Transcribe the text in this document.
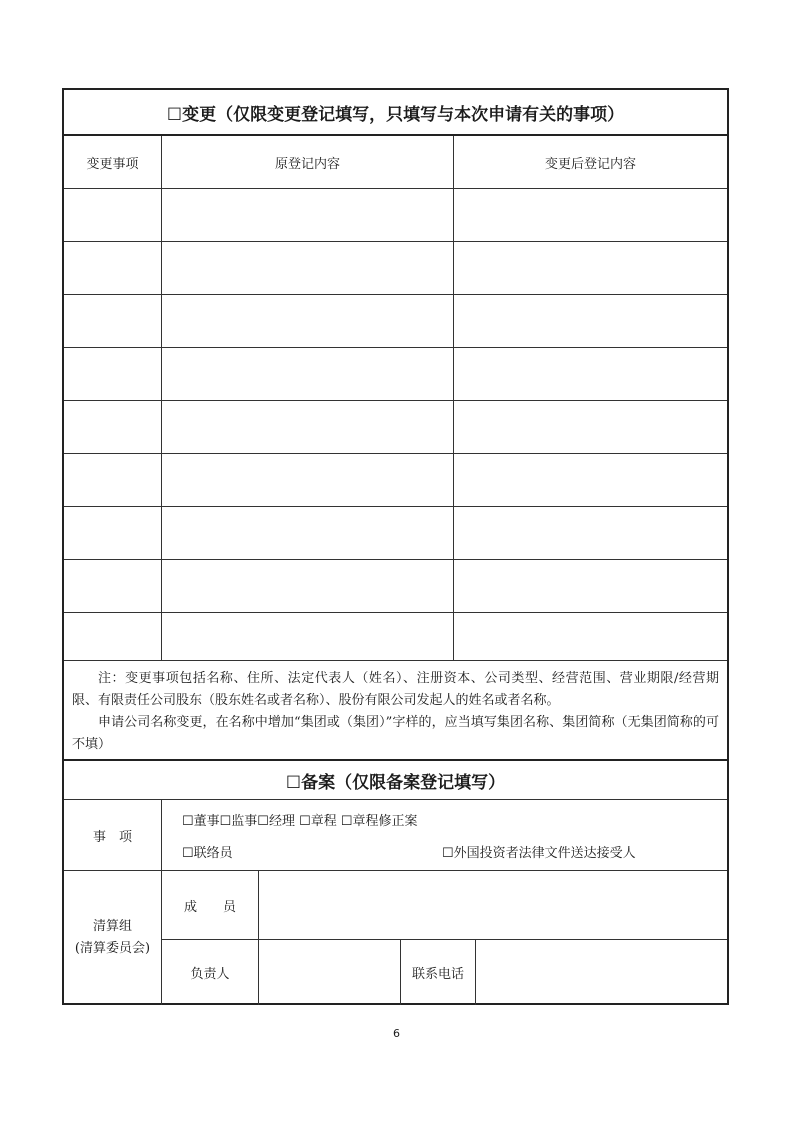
☐变更（仅限变更登记填写，只填写与本次申请有关的事项）
变更事项	原登记内容	变更后登记内容
注：变更事项包括名称、住所、法定代表人（姓名）、注册资本、公司类型、经营范围、营业期限/经营期限、有限责任公司股东（股东姓名或者名称）、股份有限公司发起人的姓名或者名称。
申请公司名称变更，在名称中增加“集团或（集团）”字样的，应当填写集团名称、集团简称（无集团简称的可不填）
☐备案（仅限备案登记填写）
事　项
☐董事☐监事☐经理 ☐章程 ☐章程修正案
☐联络员	☐外国投资者法律文件送达接受人
清算组
(清算委员会)
成　　员
负责人	联系电话
6
